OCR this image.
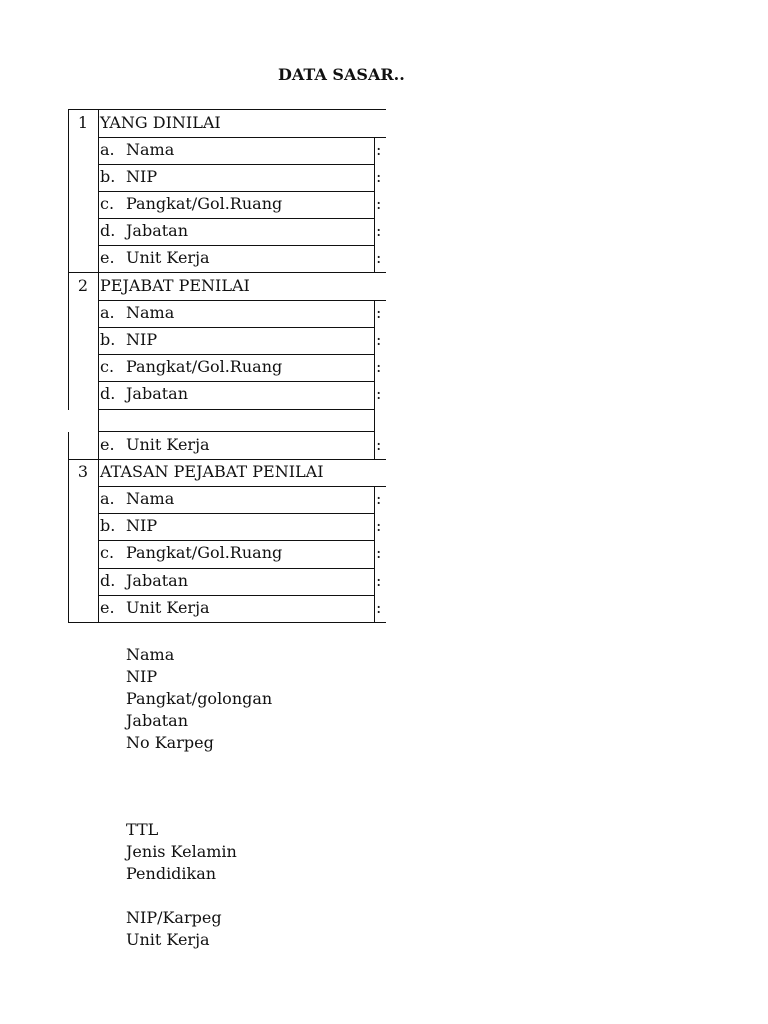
DATA SASAR..
1 YANG DINILAI
a. Nama	:
b. NIP	:
c. Pangkat/Gol.Ruang	:
d. Jabatan	:
e. Unit Kerja	:
2 PEJABAT PENILAI
a. Nama	:
b. NIP	:
c. Pangkat/Gol.Ruang	:
d. Jabatan	:
e. Unit Kerja	:
3 ATASAN PEJABAT PENILAI
a. Nama	:
b. NIP	:
c. Pangkat/Gol.Ruang	:
d. Jabatan	:
e. Unit Kerja	:
Nama
NIP
Pangkat/golongan
Jabatan
No Karpeg
TTL
Jenis Kelamin
Pendidikan
NIP/Karpeg
Unit Kerja
